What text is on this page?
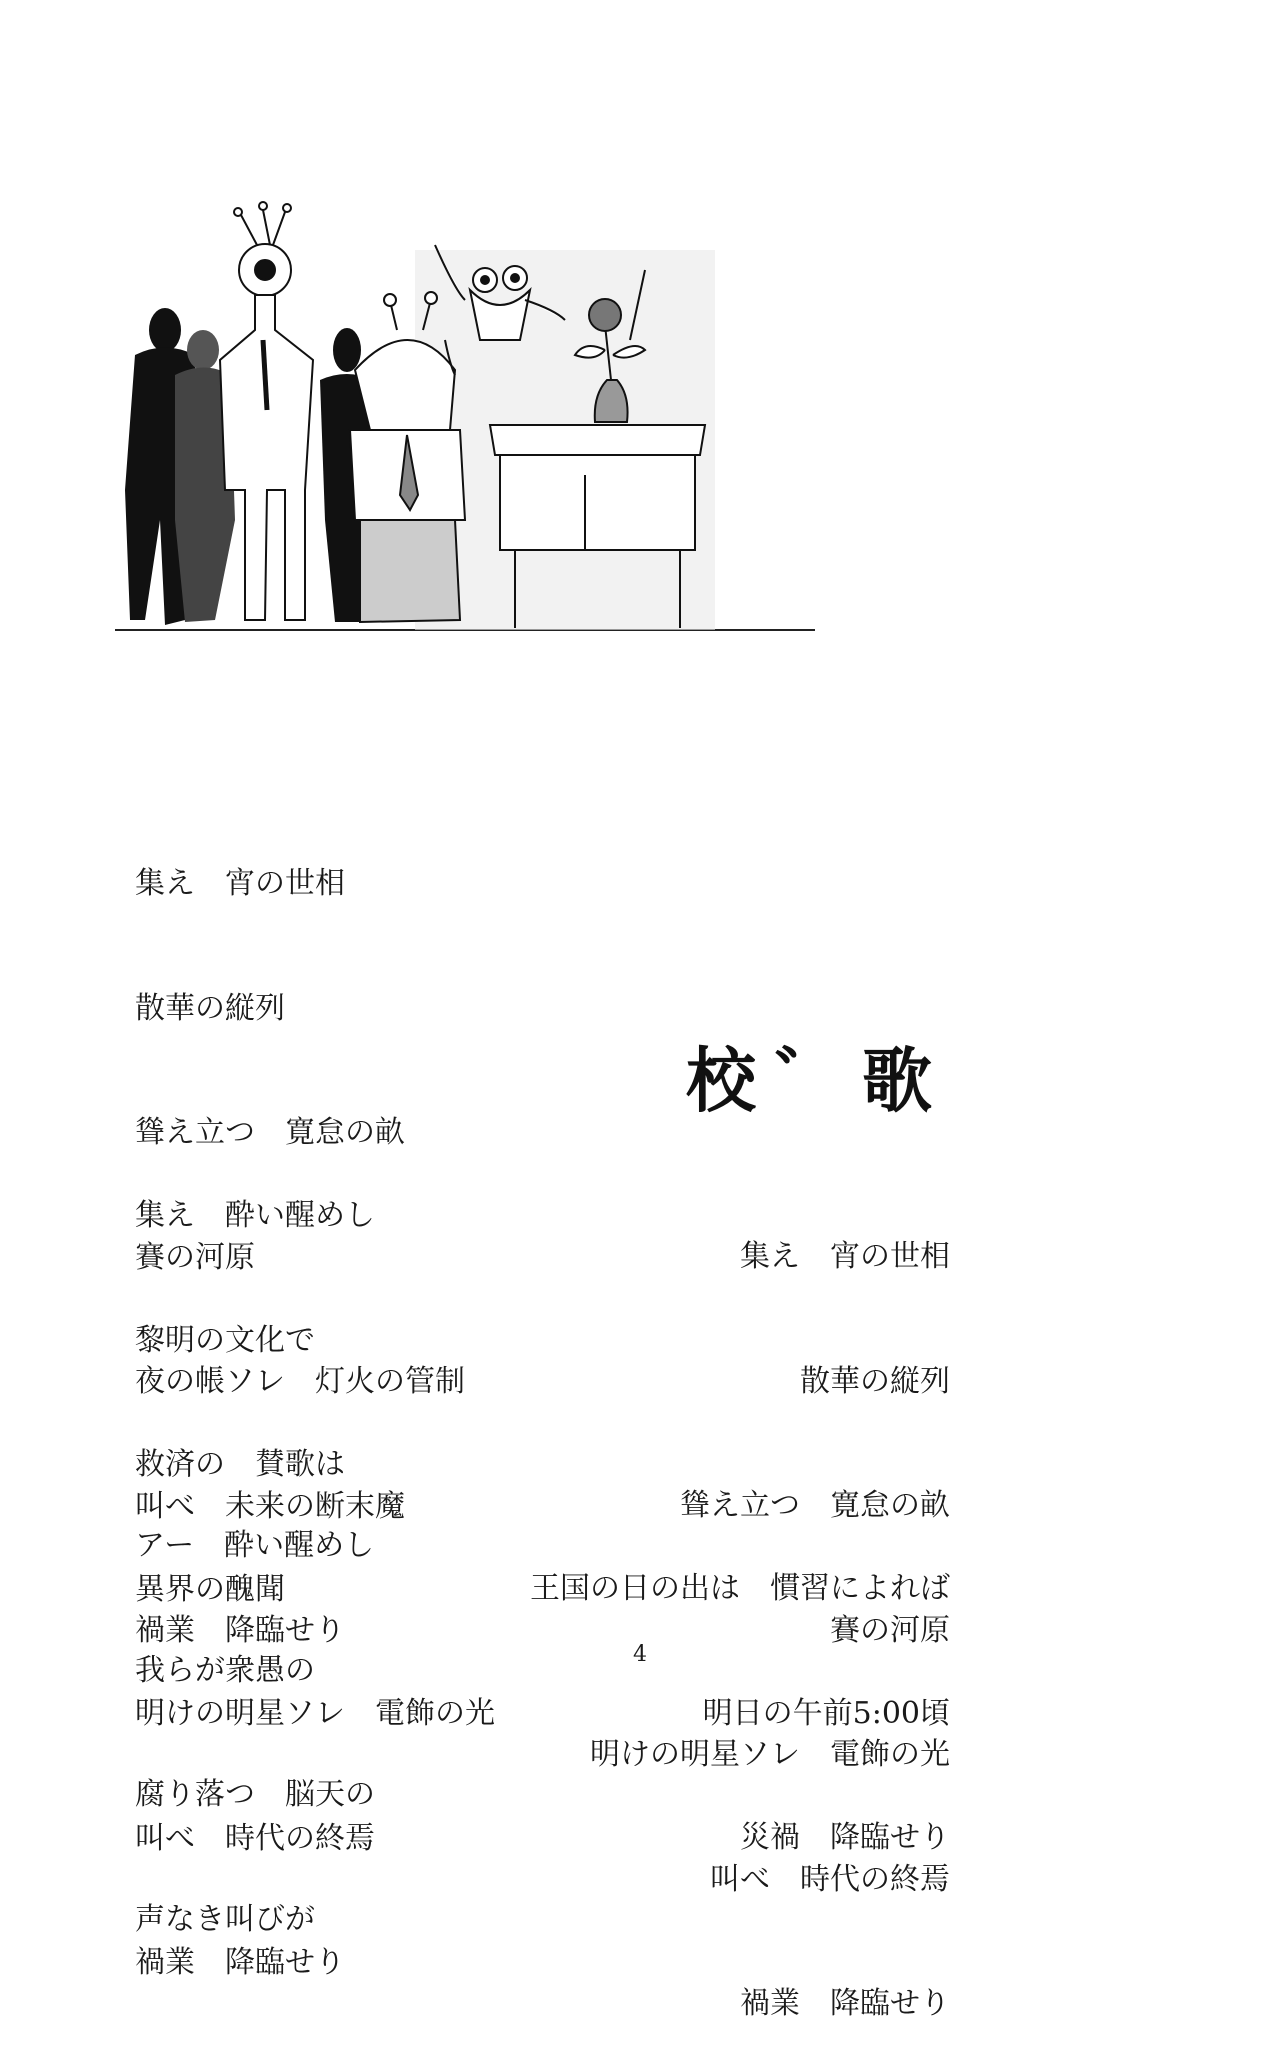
集え　宵の世相

散華の縦列

聳え立つ　寛怠の畝

賽の河原

夜の帳ソレ　灯火の管制

叫べ　未来の断末魔

禍業　降臨せり

集え　酔い醒めし

黎明の文化で

救済の　賛歌は

異界の醜聞

明けの明星ソレ　電飾の光

叫べ　時代の終焉

禍業　降臨せり

アー　酔い醒めし

我らが衆愚の

腐り落つ　脳天の

声なき叫びが

校゛歌

集え　宵の世相

散華の縦列

聳え立つ　寛怠の畝

賽の河原

明けの明星ソレ　電飾の光

叫べ　時代の終焉

禍業　降臨せり

王国の日の出は　慣習によれば

明日の午前5:00頃

災禍　降臨せり

4
